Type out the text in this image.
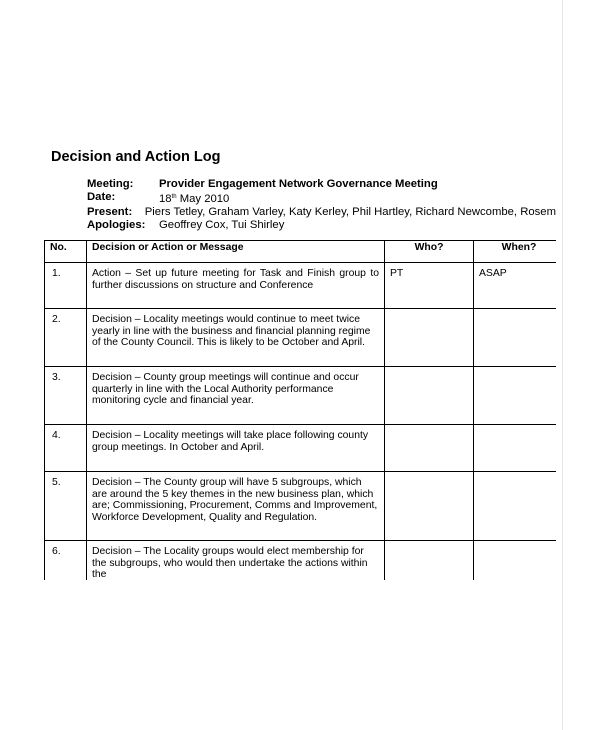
Decision and Action Log
Meeting:	Provider Engagement Network Governance Meeting
Date:	18th May 2010
Present:	Piers Tetley, Graham Varley, Katy Kerley, Phil Hartley, Richard Newcombe, Rosem
Apologies:	Geoffrey Cox, Tui Shirley
No.	Decision or Action or Message	Who?	When?
1.	Action – Set up future meeting for Task and Finish group to further discussions on structure and Conference	PT	ASAP
2.	Decision – Locality meetings would continue to meet twice yearly in line with the business and financial planning regime of the County Council. This is likely to be October and April.		
3.	Decision – County group meetings will continue and occur quarterly in line with the Local Authority performance monitoring cycle and financial year.		
4.	Decision – Locality meetings will take place following county group meetings. In October and April.		
5.	Decision – The County group will have 5 subgroups, which are around the 5 key themes in the new business plan, which are; Commissioning, Procurement, Comms and Improvement, Workforce Development, Quality and Regulation.		
6.	Decision – The Locality groups would elect membership for the subgroups, who would then undertake the actions within the		
